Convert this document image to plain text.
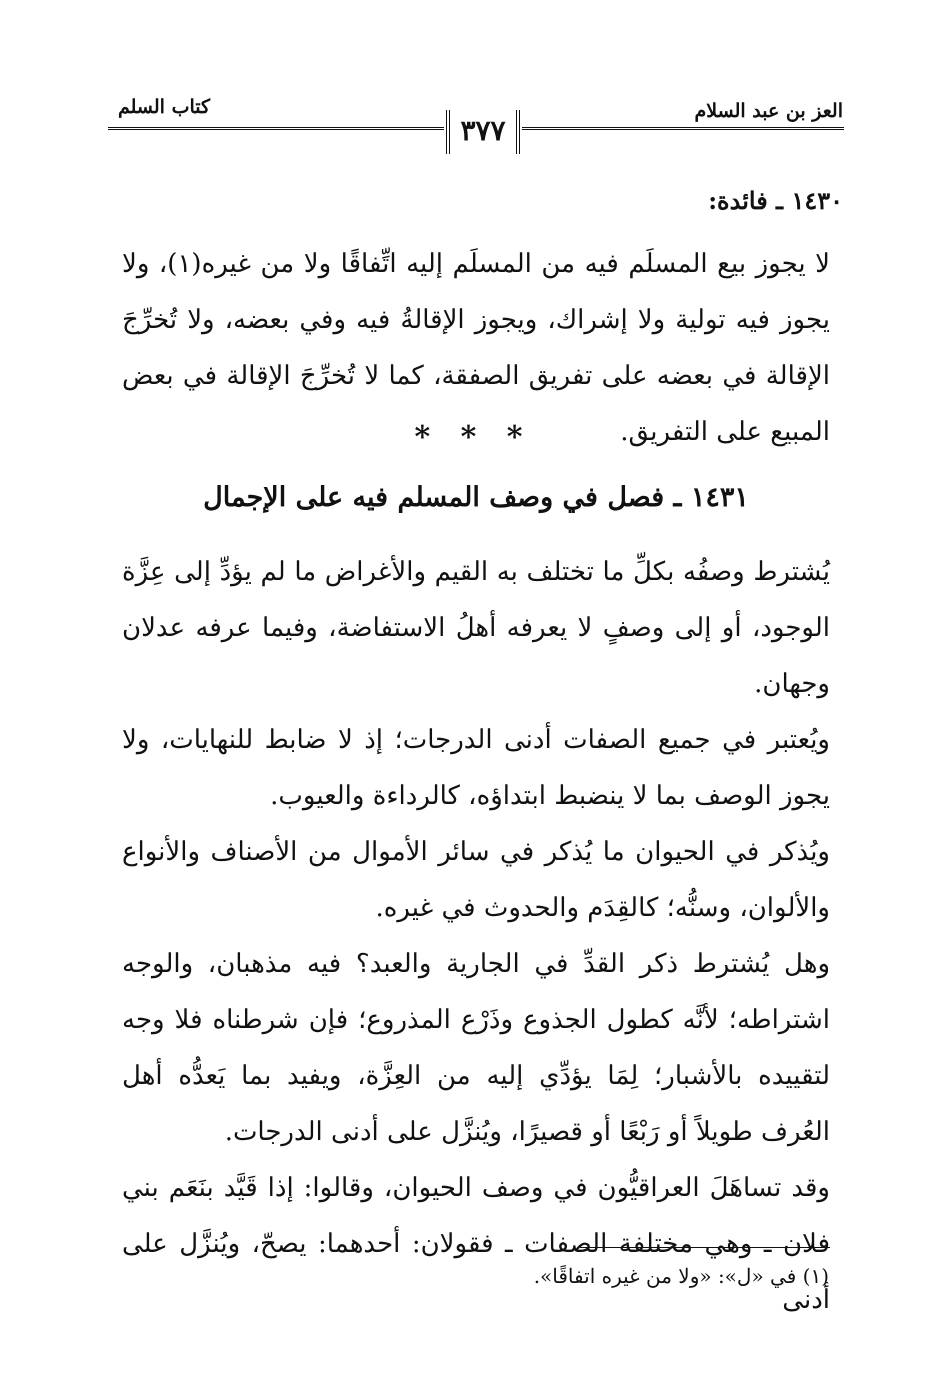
كتاب السلم	العز بن عبد السلام
٣٧٧
١٤٣٠ ـ فائدة:

لا يجوز بيع المسلَم فيه من المسلَم إليه اتِّفاقًا ولا من غيره(١)، ولا يجوز فيه تولية ولا إشراك، ويجوز الإقالةُ فيه وفي بعضه، ولا تُخرِّجَ الإقالة في بعضه على تفريق الصفقة، كما لا تُخرِّجَ الإقالة في بعض المبيع على التفريق.

* * *
١٤٣١ ـ فصل في وصف المسلم فيه على الإجمال

يُشترط وصفُه بكلِّ ما تختلف به القيم والأغراض ما لم يؤدِّ إلى عِزَّة الوجود، أو إلى وصفٍ لا يعرفه أهلُ الاستفاضة، وفيما عرفه عدلان وجهان.

ويُعتبر في جميع الصفات أدنى الدرجات؛ إذ لا ضابط للنهايات، ولا يجوز الوصف بما لا ينضبط ابتداؤه، كالرداءة والعيوب.

ويُذكر في الحيوان ما يُذكر في سائر الأموال من الأصناف والأنواع والألوان، وسنُّه؛ كالقِدَم والحدوث في غيره.

وهل يُشترط ذكر القدِّ في الجارية والعبد؟ فيه مذهبان، والوجه اشتراطه؛ لأنَّه كطول الجذوع وذَرْع المذروع؛ فإن شرطناه فلا وجه لتقييده بالأشبار؛ لِمَا يؤدِّي إليه من العِزَّة، ويفيد بما يَعدُّه أهل العُرف طويلاً أو رَبْعًا أو قصيرًا، ويُنزَّل على أدنى الدرجات.

وقد تساهَلَ العراقيُّون في وصف الحيوان، وقالوا: إذا قَيَّد بنَعَم بني فلان ـ وهي مختلفة الصفات ـ فقولان: أحدهما: يصحّ، ويُنزَّل على أدنى

(١) في «ل»: «ولا من غيره اتفاقًا».
